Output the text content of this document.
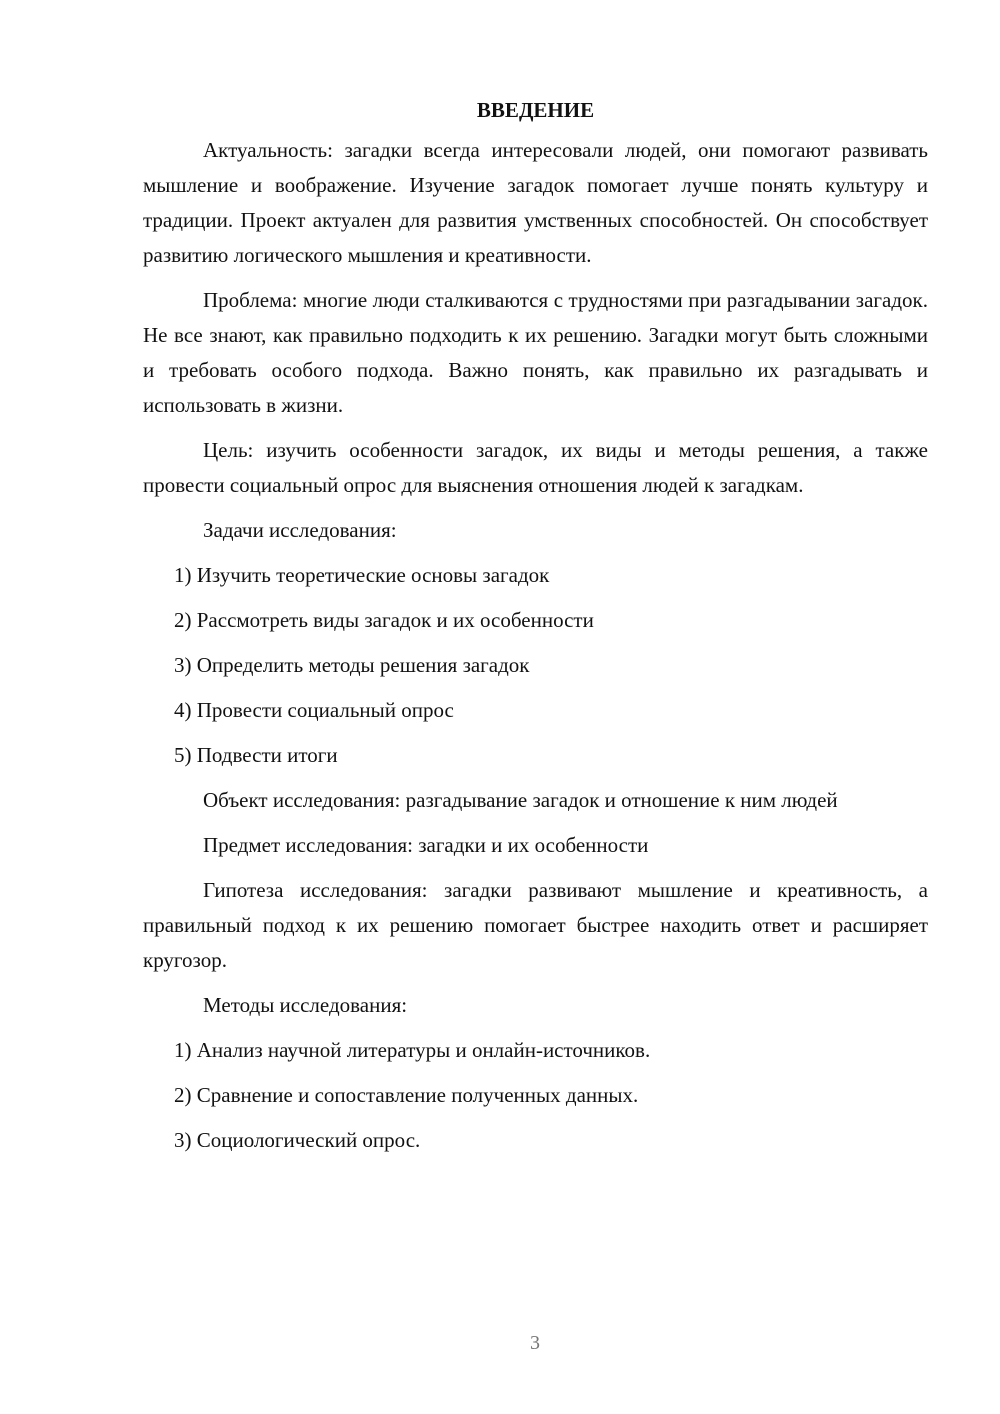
ВВЕДЕНИЕ

Актуальность: загадки всегда интересовали людей, они помогают развивать мышление и воображение. Изучение загадок помогает лучше понять культуру и традиции. Проект актуален для развития умственных способностей. Он способствует развитию логического мышления и креативности.

Проблема: многие люди сталкиваются с трудностями при разгадывании загадок. Не все знают, как правильно подходить к их решению. Загадки могут быть сложными и требовать особого подхода. Важно понять, как правильно их разгадывать и использовать в жизни.

Цель: изучить особенности загадок, их виды и методы решения, а также провести социальный опрос для выяснения отношения людей к загадкам.

Задачи исследования:
1) Изучить теоретические основы загадок
2) Рассмотреть виды загадок и их особенности
3) Определить методы решения загадок
4) Провести социальный опрос
5) Подвести итоги

Объект исследования: разгадывание загадок и отношение к ним людей

Предмет исследования: загадки и их особенности

Гипотеза исследования: загадки развивают мышление и креативность, а правильный подход к их решению помогает быстрее находить ответ и расширяет кругозор.

Методы исследования:
1) Анализ научной литературы и онлайн-источников.
2) Сравнение и сопоставление полученных данных.
3) Социологический опрос.
3
